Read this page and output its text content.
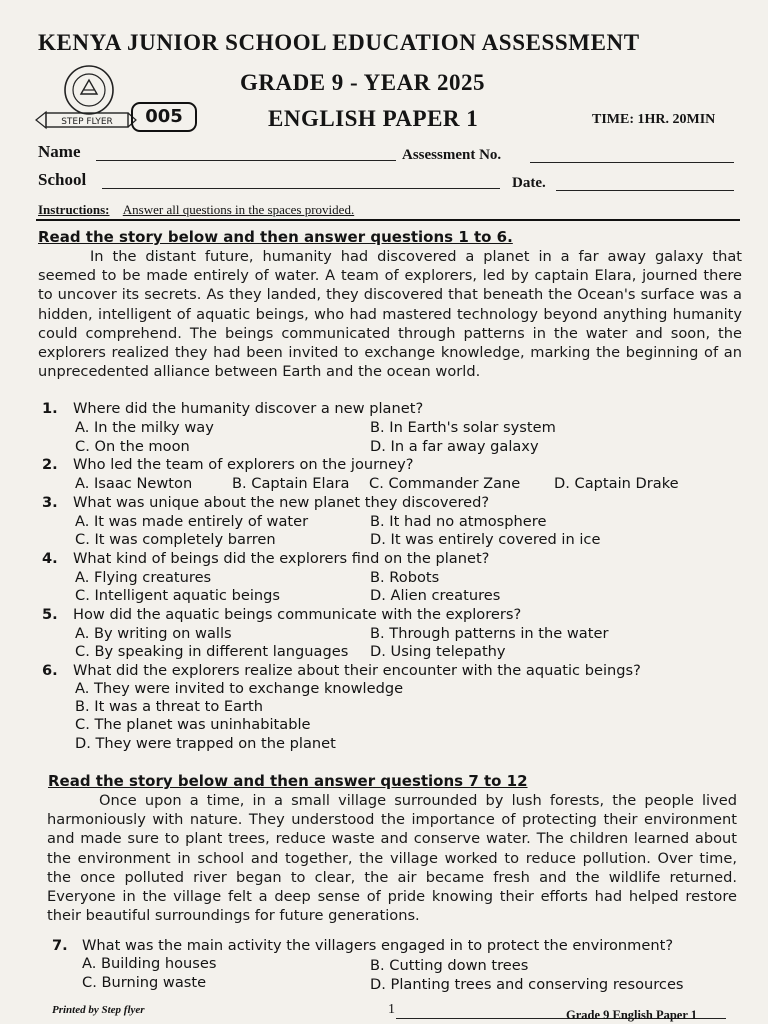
KENYA JUNIOR SCHOOL EDUCATION ASSESSMENT
STEP FLYER	005
GRADE 9 - YEAR 2025
ENGLISH PAPER 1	TIME: 1HR. 20MIN
Name	Assessment No.
School	Date.
Instructions: Answer all questions in the spaces provided.
Read the story below and then answer questions 1 to 6.

In the distant future, humanity had discovered a planet in a far away galaxy that seemed to be made entirely of water. A team of explorers, led by captain Elara, journed there to uncover its secrets. As they landed, they discovered that beneath the Ocean's surface was a hidden, intelligent of aquatic beings, who had mastered technology beyond anything humanity could comprehend. The beings communicated through patterns in the water and soon, the explorers realized they had been invited to exchange knowledge, marking the beginning of an unprecedented alliance between Earth and the ocean world.

1. Where did the humanity discover a new planet?
A. In the milky way	B. In Earth's solar system
C. On the moon	D. In a far away galaxy
2. Who led the team of explorers on the journey?
A. Isaac Newton	B. Captain Elara C. Commander Zane D. Captain Drake
3. What was unique about the new planet they discovered?
A. It was made entirely of water	B. It had no atmosphere
C. It was completely barren	D. It was entirely covered in ice
4. What kind of beings did the explorers find on the planet?
A. Flying creatures	B. Robots
C. Intelligent aquatic beings	D. Alien creatures
5. How did the aquatic beings communicate with the explorers?
A. By writing on walls	B. Through patterns in the water
C. By speaking in different languages D. Using telepathy
6. What did the explorers realize about their encounter with the aquatic beings?
A. They were invited to exchange knowledge
B. It was a threat to Earth
C. The planet was uninhabitable
D. They were trapped on the planet
Read the story below and then answer questions 7 to 12

Once upon a time, in a small village surrounded by lush forests, the people lived harmoniously with nature. They understood the importance of protecting their environment and made sure to plant trees, reduce waste and conserve water. The children learned about the environment in school and together, the village worked to reduce pollution. Over time, the once polluted river began to clear, the air became fresh and the wildlife returned. Everyone in the village felt a deep sense of pride knowing their efforts had helped restore their beautiful surroundings for future generations.

7. What was the main activity the villagers engaged in to protect the environment?
A. Building houses	B. Cutting down trees
C. Burning waste	D. Planting trees and conserving resources
Printed by Step flyer	1	Grade 9 English Paper 1
